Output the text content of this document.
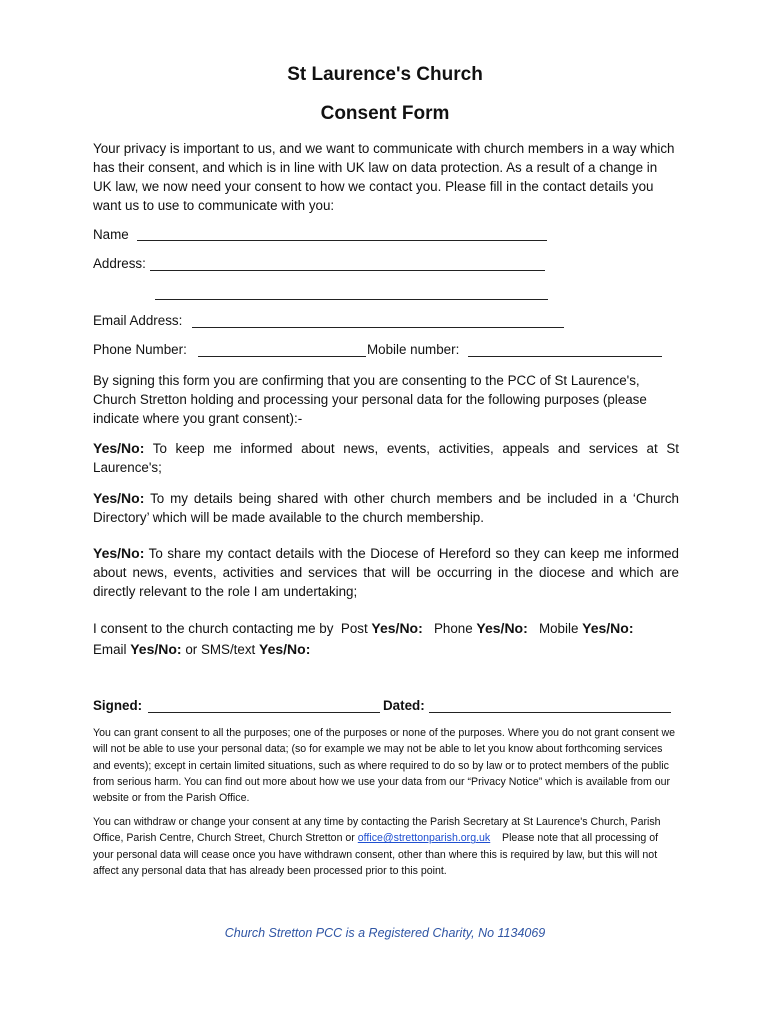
St Laurence's Church
Consent Form
Your privacy is important to us, and we want to communicate with church members in a way which has their consent, and which is in line with UK law on data protection. As a result of a change in UK law, we now need your consent to how we contact you. Please fill in the contact details you want us to use to communicate with you:
Name
Address:
Email Address:
Phone Number:	Mobile number:
By signing this form you are confirming that you are consenting to the PCC of St Laurence's, Church Stretton holding and processing your personal data for the following purposes (please indicate where you grant consent):-
Yes/No: To keep me informed about news, events, activities, appeals and services at St Laurence's;
Yes/No: To my details being shared with other church members and be included in a ‘Church Directory’ which will be made available to the church membership.
Yes/No: To share my contact details with the Diocese of Hereford so they can keep me informed about news, events, activities and services that will be occurring in the diocese and which are directly relevant to the role I am undertaking;
I consent to the church contacting me by Post Yes/No: Phone Yes/No: Mobile Yes/No:
Email Yes/No: or SMS/text Yes/No:
Signed:	Dated:
You can grant consent to all the purposes; one of the purposes or none of the purposes. Where you do not grant consent we will not be able to use your personal data; (so for example we may not be able to let you know about forthcoming services and events); except in certain limited situations, such as where required to do so by law or to protect members of the public from serious harm. You can find out more about how we use your data from our “Privacy Notice” which is available from our website or from the Parish Office.
You can withdraw or change your consent at any time by contacting the Parish Secretary at St Laurence's Church, Parish Office, Parish Centre, Church Street, Church Stretton or office@strettonparish.org.uk Please note that all processing of your personal data will cease once you have withdrawn consent, other than where this is required by law, but this will not affect any personal data that has already been processed prior to this point.
Church Stretton PCC is a Registered Charity, No 1134069
